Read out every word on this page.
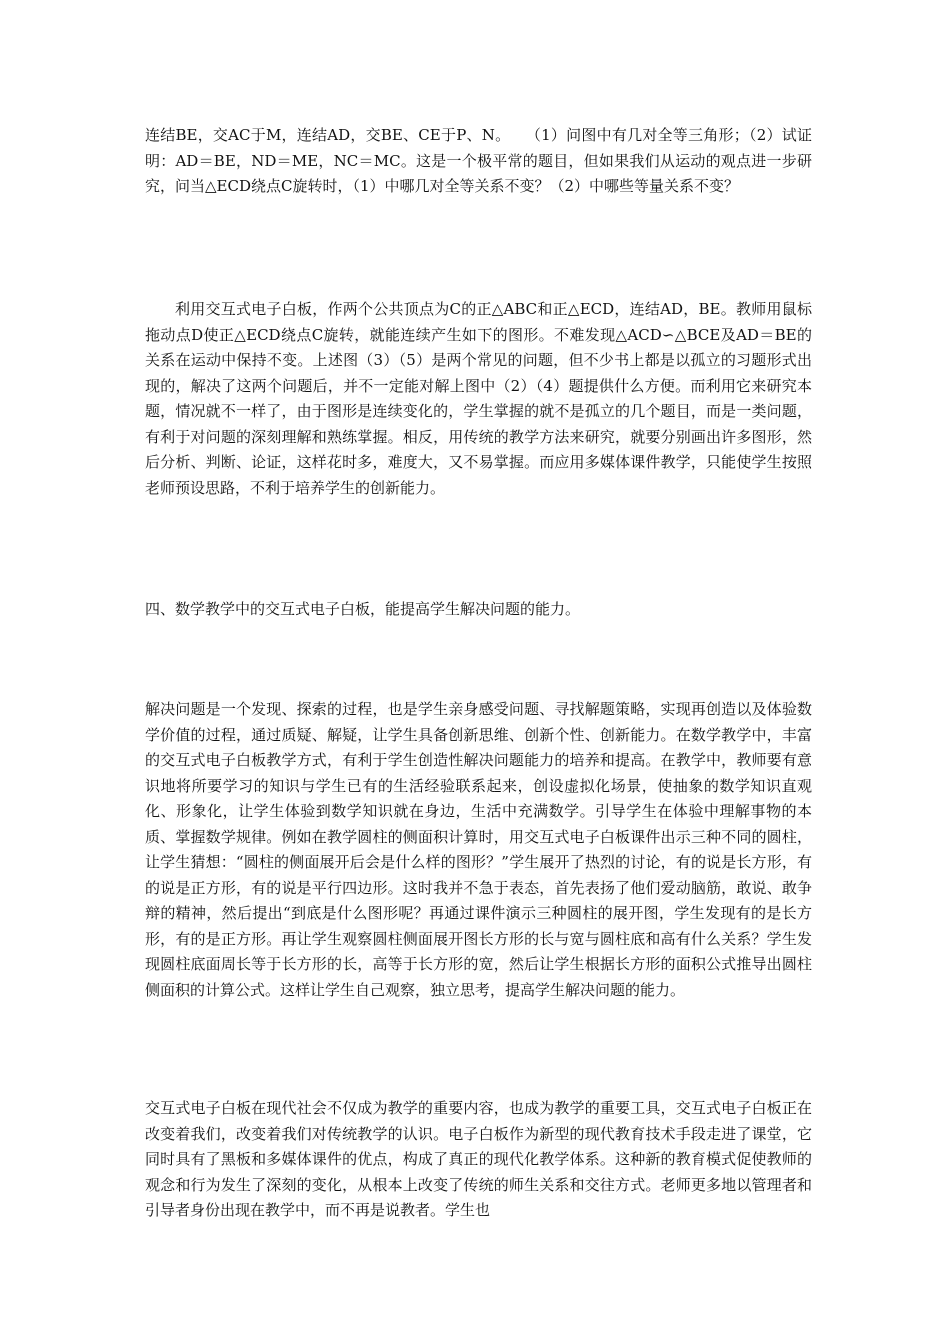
连结BE，交AC于M，连结AD，交BE、CE于P、N。　　（1）问图中有几对全等三角形；（2）试证明：AD＝BE，ND＝ME，NC＝MC。这是一个极平常的题目，但如果我们从运动的观点进一步研究，问当△ECD绕点C旋转时，（1）中哪几对全等关系不变？（2）中哪些等量关系不变？

利用交互式电子白板，作两个公共顶点为C的正△ABC和正△ECD，连结AD，BE。教师用鼠标拖动点D使正△ECD绕点C旋转，就能连续产生如下的图形。不难发现△ACD∽△BCE及AD＝BE的关系在运动中保持不变。上述图（3）（5）是两个常见的问题，但不少书上都是以孤立的习题形式出现的，解决了这两个问题后，并不一定能对解上图中（2）（4）题提供什么方便。而利用它来研究本题，情况就不一样了，由于图形是连续变化的，学生掌握的就不是孤立的几个题目，而是一类问题，有利于对问题的深刻理解和熟练掌握。相反，用传统的教学方法来研究，就要分别画出许多图形，然后分析、判断、论证，这样花时多，难度大，又不易掌握。而应用多媒体课件教学，只能使学生按照老师预设思路，不利于培养学生的创新能力。

四、数学教学中的交互式电子白板，能提高学生解决问题的能力。

解决问题是一个发现、探索的过程，也是学生亲身感受问题、寻找解题策略，实现再创造以及体验数学价值的过程，通过质疑、解疑，让学生具备创新思维、创新个性、创新能力。在数学教学中，丰富的交互式电子白板教学方式，有利于学生创造性解决问题能力的培养和提高。在教学中，教师要有意识地将所要学习的知识与学生已有的生活经验联系起来，创设虚拟化场景，使抽象的数学知识直观化、形象化，让学生体验到数学知识就在身边，生活中充满数学。引导学生在体验中理解事物的本质、掌握数学规律。例如在教学圆柱的侧面积计算时，用交互式电子白板课件出示三种不同的圆柱，让学生猜想：“圆柱的侧面展开后会是什么样的图形？”学生展开了热烈的讨论，有的说是长方形，有的说是正方形，有的说是平行四边形。这时我并不急于表态，首先表扬了他们爱动脑筋，敢说、敢争辩的精神，然后提出“到底是什么图形呢？再通过课件演示三种圆柱的展开图，学生发现有的是长方形，有的是正方形。再让学生观察圆柱侧面展开图长方形的长与宽与圆柱底和高有什么关系？学生发现圆柱底面周长等于长方形的长，高等于长方形的宽，然后让学生根据长方形的面积公式推导出圆柱侧面积的计算公式。这样让学生自己观察，独立思考，提高学生解决问题的能力。

交互式电子白板在现代社会不仅成为教学的重要内容，也成为教学的重要工具，交互式电子白板正在改变着我们，改变着我们对传统教学的认识。电子白板作为新型的现代教育技术手段走进了课堂，它同时具有了黑板和多媒体课件的优点，构成了真正的现代化教学体系。这种新的教育模式促使教师的观念和行为发生了深刻的变化，从根本上改变了传统的师生关系和交往方式。老师更多地以管理者和引导者身份出现在教学中，而不再是说教者。学生也
